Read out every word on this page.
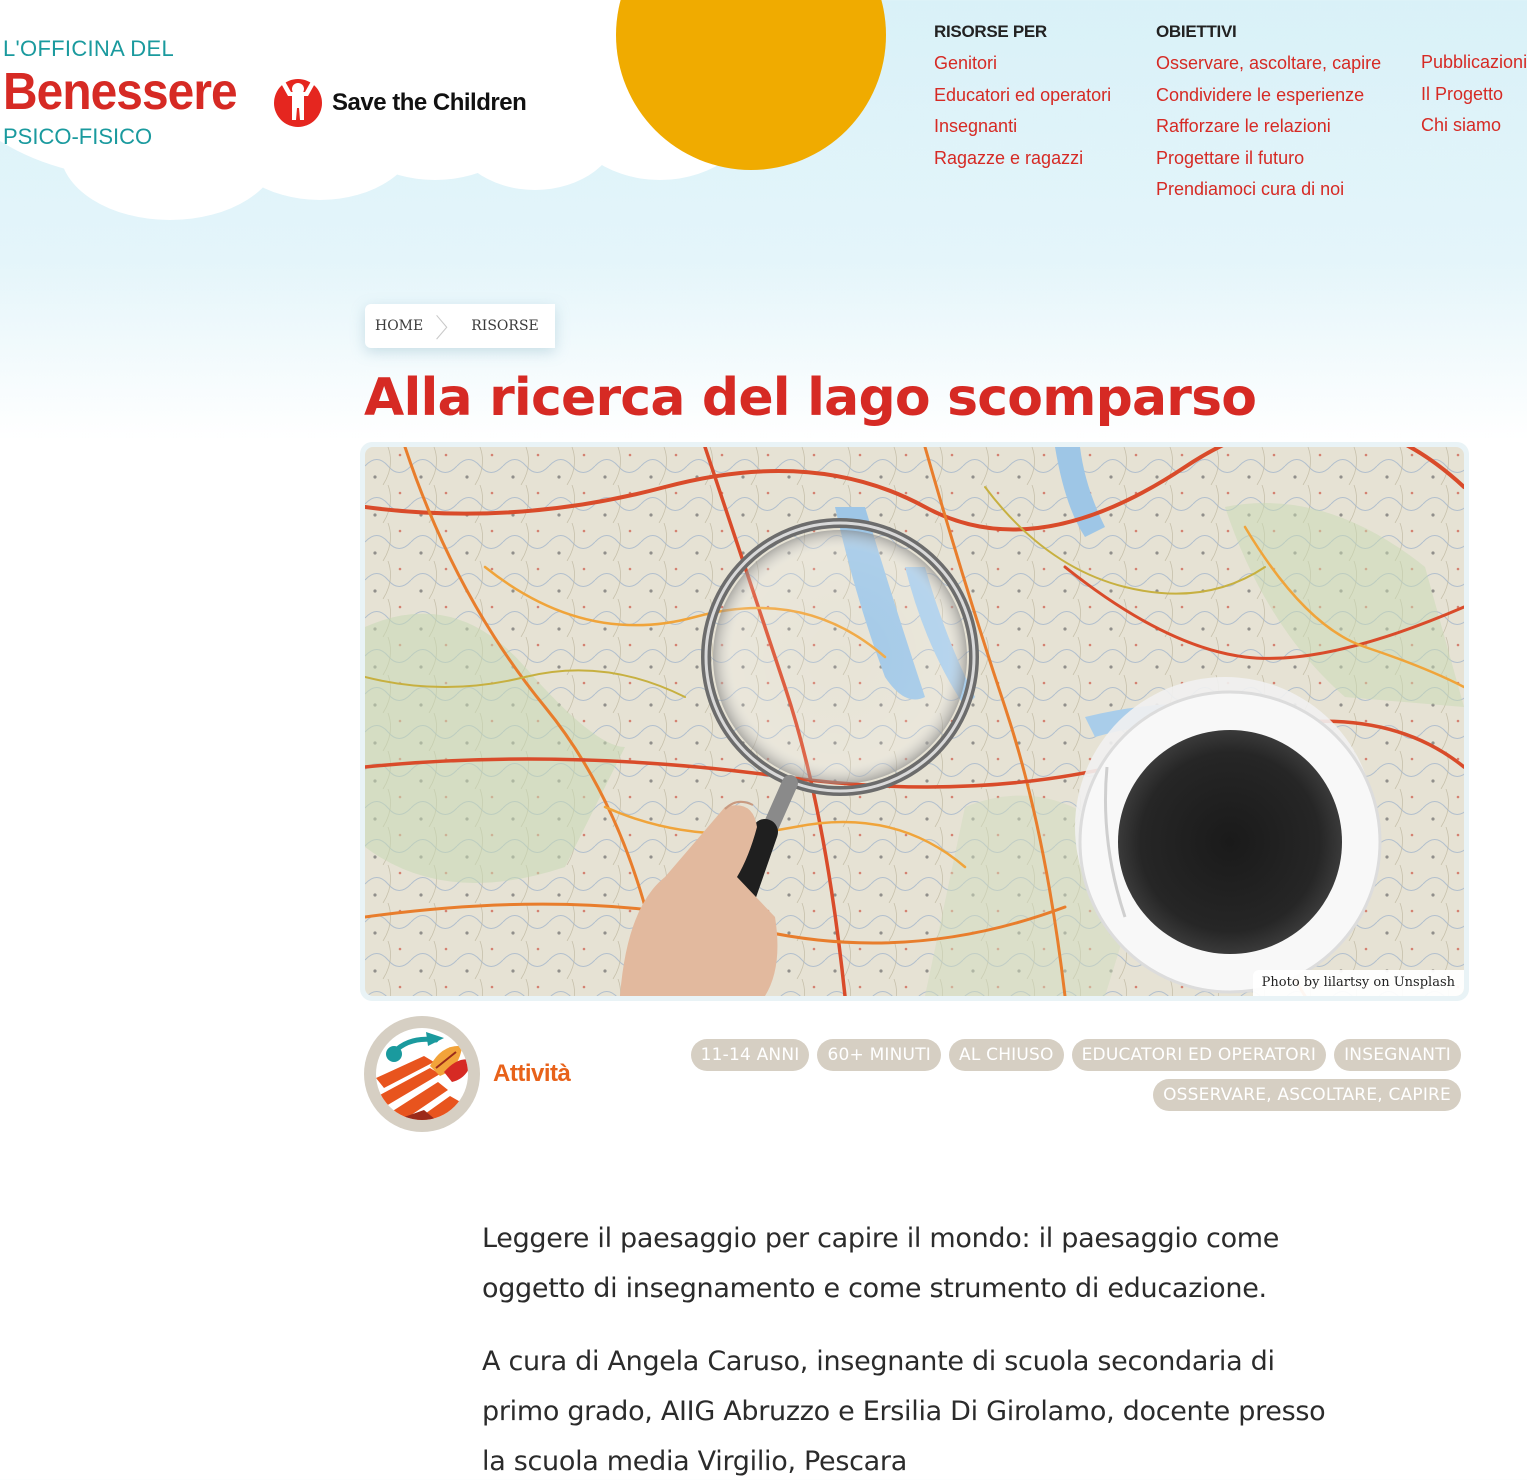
L'OFFICINA DEL
Benessere
PSICO-FISICO
Save the Children
RISORSE PER
Genitori
Educatori ed operatori
Insegnanti
Ragazze e ragazzi
OBIETTIVI
Osservare, ascoltare, capire
Condividere le esperienze
Rafforzare le relazioni
Progettare il futuro
Prendiamoci cura di noi
Pubblicazioni
Il Progetto
Chi siamo
HOME 〉 RISORSE
Alla ricerca del lago scomparso
Photo by lilartsy on Unsplash
Attività
11-14 ANNI	60+ MINUTI	AL CHIUSO	EDUCATORI ED OPERATORI	INSEGNANTI
OSSERVARE, ASCOLTARE, CAPIRE

Leggere il paesaggio per capire il mondo: il paesaggio come oggetto di insegnamento e come strumento di educazione.

A cura di Angela Caruso, insegnante di scuola secondaria di primo grado, AIIG Abruzzo e Ersilia Di Girolamo, docente presso la scuola media Virgilio, Pescara
